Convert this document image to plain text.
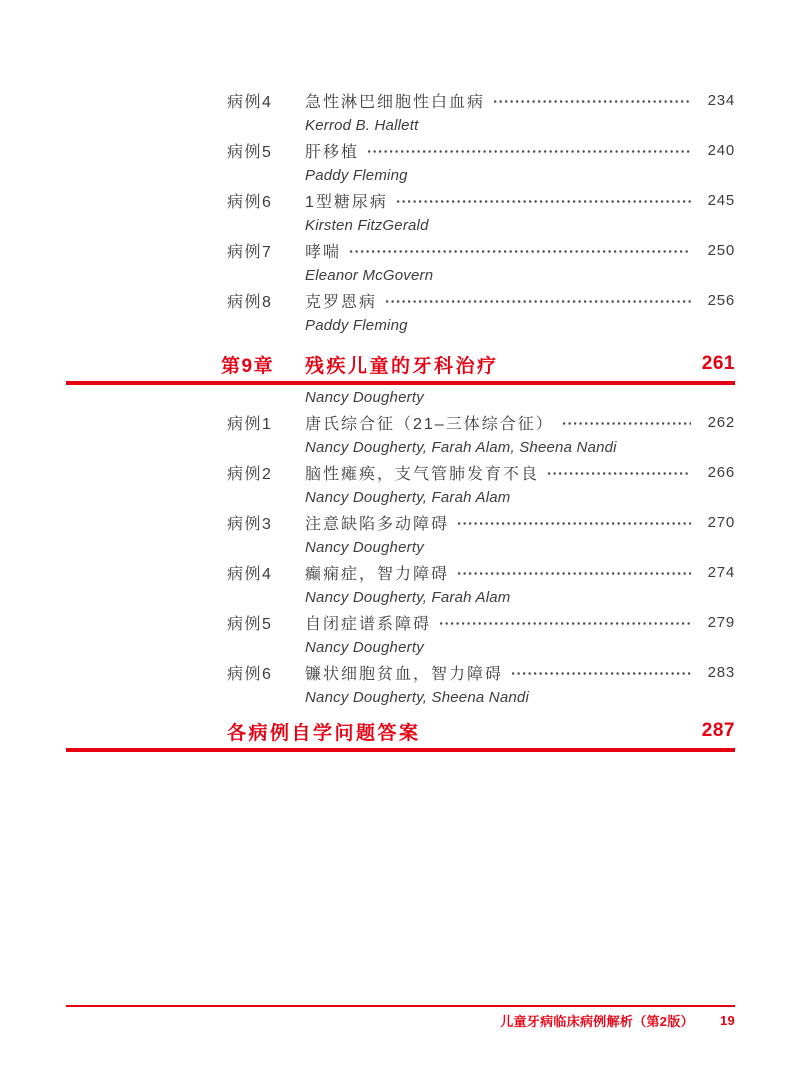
病例4	急性淋巴细胞性白血病	234
Kerrod B. Hallett
病例5	肝移植	240
Paddy Fleming
病例6	1型糖尿病	245
Kirsten FitzGerald
病例7	哮喘	250
Eleanor McGovern
病例8	克罗恩病	256
Paddy Fleming
第9章	残疾儿童的牙科治疗	261
Nancy Dougherty
病例1	唐氏综合征（21–三体综合征）	262
Nancy Dougherty, Farah Alam, Sheena Nandi
病例2	脑性瘫痪，支气管肺发育不良	266
Nancy Dougherty, Farah Alam
病例3	注意缺陷多动障碍	270
Nancy Dougherty
病例4	癫痫症，智力障碍	274
Nancy Dougherty, Farah Alam
病例5	自闭症谱系障碍	279
Nancy Dougherty
病例6	镰状细胞贫血，智力障碍	283
Nancy Dougherty, Sheena Nandi
各病例自学问题答案	287
儿童牙病临床病例解析（第2版） 19
